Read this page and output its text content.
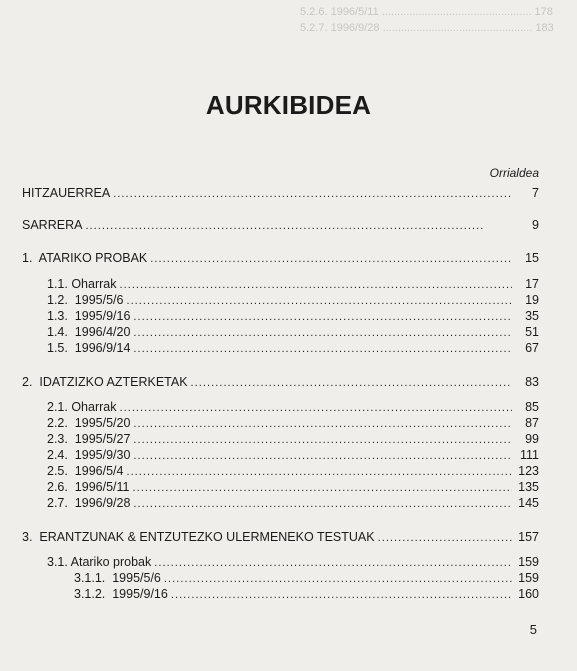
5.2.6. 1996/5/11 ................................................. 178
5.2.7. 1996/9/28 ................................................. 183
AURKIBIDEA
Orrialdea
HITZAUERREA . . .	7
SARRERA . . .	9
1.  ATARIKO PROBAK . . .	15
1.1. Oharrak . . .	17
1.2.  1995/5/6 . . .	19
1.3.  1995/9/16 . . .	35
1.4.  1996/4/20 . . .	51
1.5.  1996/9/14 . . .	67
2.  IDATZIZKO AZTERKETAK . . .	83
2.1. Oharrak . . .	85
2.2.  1995/5/20 . . .	87
2.3.  1995/5/27 . . .	99
2.4.  1995/9/30 . . .	111
2.5.  1996/5/4 . . .	123
2.6.  1996/5/11 . . .	135
2.7.  1996/9/28 . . .	145
3.  ERANTZUNAK & ENTZUTEZKO ULERMENEKO TESTUAK . . .	157
3.1. Atariko probak . . .	159
3.1.1.  1995/5/6 . . .	159
3.1.2.  1995/9/16 . . .	160
5
